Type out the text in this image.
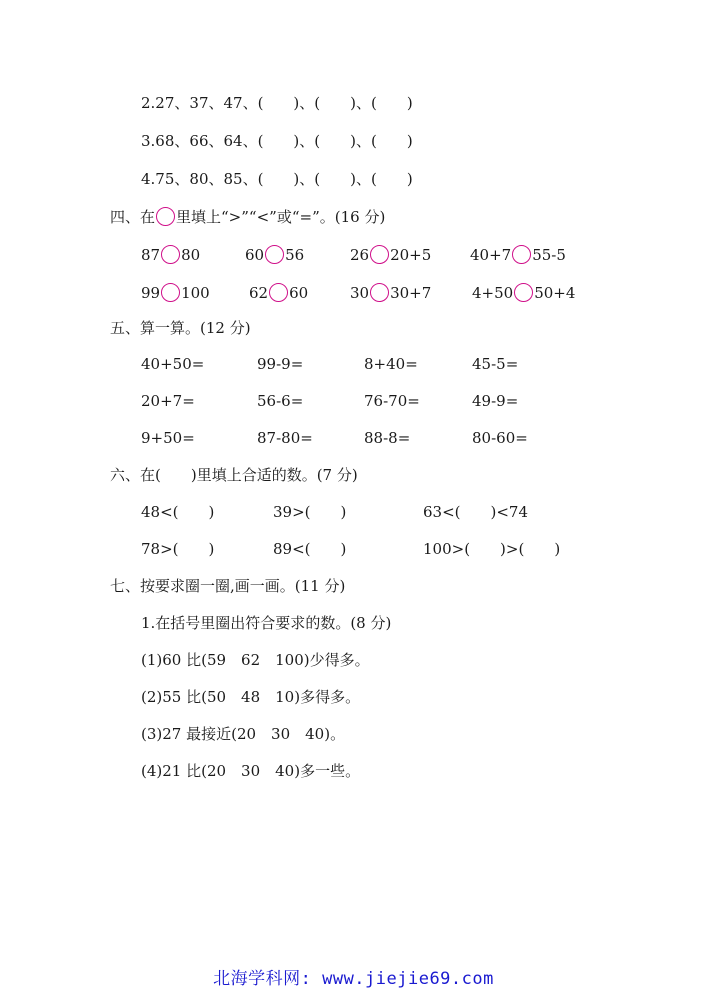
2.27、37、47、(　　)、(　　)、(　　)
3.68、66、64、(　　)、(　　)、(　　)
4.75、80、85、(　　)、(　　)、(　　)
四、在 里填上“>”“<”或“=”。(16 分)
87 80	60 56	26 20+5	40+7 55-5
99 100	62 60	30 30+7	4+50 50+4
五、算一算。(12 分)
40+50=	99-9=	8+40=	45-5=
20+7=	56-6=	76-70=	49-9=
9+50=	87-80=	88-8=	80-60=
六、在(　　)里填上合适的数。(7 分)
48<(　　)	39>(　　)	63<(　　)<74
78>(　　)	89<(　　)	100>(　　)>(　　)
七、按要求圈一圈,画一画。(11 分)
1.在括号里圈出符合要求的数。(8 分)
(1)60 比(59　62　100)少得多。
(2)55 比(50　48　10)多得多。
(3)27 最接近(20　30　40)。
(4)21 比(20　30　40)多一些。
北海学科网: www.jiejie69.com
